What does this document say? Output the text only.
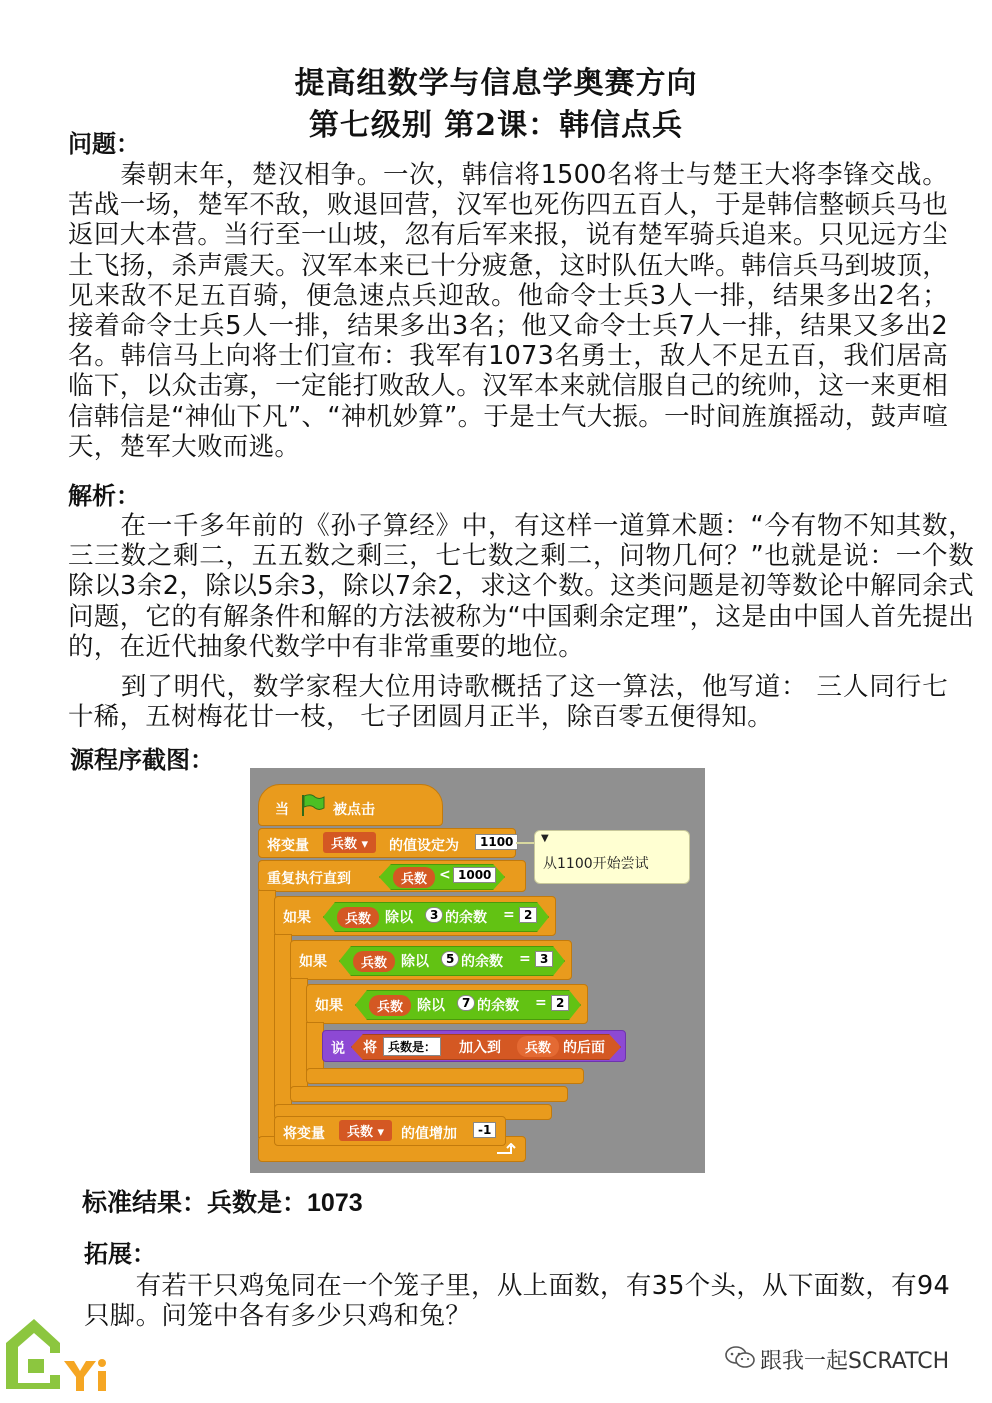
提高组数学与信息学奥赛方向
第七级别 第2课：韩信点兵
问题：
　　秦朝末年，楚汉相争。一次，韩信将1500名将士与楚王大将李锋交战。苦战一场，楚军不敌，败退回营，汉军也死伤四五百人，于是韩信整顿兵马也返回大本营。当行至一山坡，忽有后军来报，说有楚军骑兵追来。只见远方尘土飞扬，杀声震天。汉军本来已十分疲惫，这时队伍大哗。韩信兵马到坡顶，见来敌不足五百骑，便急速点兵迎敌。他命令士兵3人一排，结果多出2名；接着命令士兵5人一排，结果多出3名；他又命令士兵7人一排，结果又多出2名。韩信马上向将士们宣布：我军有1073名勇士，敌人不足五百，我们居高临下，以众击寡，一定能打败敌人。汉军本来就信服自己的统帅，这一来更相信韩信是“神仙下凡”、“神机妙算”。于是士气大振。一时间旌旗摇动，鼓声喧天，楚军大败而逃。
解析：
　　在一千多年前的《孙子算经》中，有这样一道算术题：“今有物不知其数，三三数之剩二，五五数之剩三，七七数之剩二，问物几何？”也就是说：一个数除以3余2，除以5余3，除以7余2，求这个数。这类问题是初等数论中解同余式问题，它的有解条件和解的方法被称为“中国剩余定理”，这是由中国人首先提出的，在近代抽象代数学中有非常重要的地位。
　　到了明代，数学家程大位用诗歌概括了这一算法，他写道： 三人同行七十稀，五树梅花廿一枝， 七子团圆月正半，除百零五便得知。
源程序截图：
当	被点击
将变量	兵数 ▾	的值设定为	1100	▼
从1100开始尝试
重复执行直到	兵数 < 1000
如果	兵数 除以	3 的余数 = 2
如果	兵数 除以	5 的余数 = 3
如果	兵数 除以	7 的余数 = 2
说 将 兵数是：	加入到	兵数 的后面
将变量	兵数 ▾	的值增加	-1
标准结果：兵数是：1073
拓展：
　　有若干只鸡兔同在一个笼子里，从上面数，有35个头，从下面数，有94只脚。问笼中各有多少只鸡和兔？
跟我一起SCRATCH
